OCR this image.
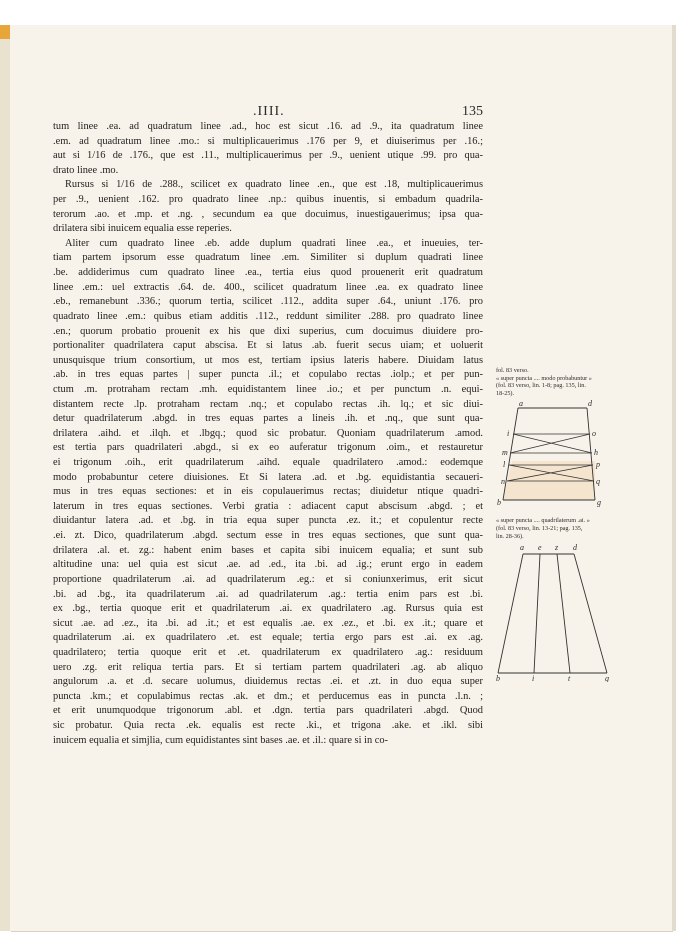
.IIII.	135
tum linee .ea. ad quadratum linee .ad., hoc est sicut .16. ad .9., ita quadratum linee
.em. ad quadratum linee .mo.: si multiplicauerimus .176 per 9, et diuiserimus per .16.;
aut si 1/16 de .176., que est .11., multiplicauerimus per .9., uenient utique .99. pro qua-
drato linee .mo.
Rursus si 1/16 de .288., scilicet ex quadrato linee .en., que est .18, multiplicauerimus
per .9., uenient .162. pro quadrato linee .np.: quibus inuentis, si embadum quadrila-
terorum .ao. et .mp. et .ng. , secundum ea que docuimus, inuestigauerimus; ipsa qua-
drilatera sibi inuicem equalia esse reperies.
Aliter cum quadrato linee .eb. adde duplum quadrati linee .ea., et inueuies, ter-
tiam partem ipsorum esse quadratum linee .em. Similiter si duplum quadrati linee
.be. addiderimus cum quadrato linee .ea., tertia eius quod prouenerit erit quadratum
linee .em.: uel extractis .64. de. 400., scilicet quadratum linee .ea. ex quadrato linee
.eb., remanebunt .336.; quorum tertia, scilicet .112., addita super .64., uniunt .176. pro
quadrato linee .em.: quibus etiam additis .112., reddunt similiter .288. pro quadrato linee
.en.; quorum probatio prouenit ex his que dixi superius, cum docuimus diuidere pro-
portionaliter quadrilatera caput abscisa. Et si latus .ab. fuerit secus uiam; et uoluerit
unusquisque trium consortium, ut mos est, tertiam ipsius lateris habere. Diuidam latus
.ab. in tres equas partes | super puncta .il.; et copulabo rectas .iolp.; et per pun-
ctum .m. protraham rectam .mh. equidistantem linee .io.; et per punctum .n. equi-
distantem recte .lp. protraham rectam .nq.; et copulabo rectas .ih. lq.; et sic diui-
detur quadrilaterum .abgd. in tres equas partes a lineis .ih. et .nq., que sunt qua-
drilatera .aihd. et .ilqh. et .lbgq.; quod sic probatur. Quoniam quadrilaterum .amod.
est tertia pars quadrilateri .abgd., si ex eo auferatur trigonum .oim., et restauretur
ei trigonum .oih., erit quadrilaterum .aihd. equale quadrilatero .amod.: eodemque
modo probabuntur cetere diuisiones. Et Si latera .ad. et .bg. equidistantia secaueri-
mus in tres equas sectiones: et in eis copulauerimus rectas; diuidetur ntique quadri-
laterum in tres equas sectiones. Verbi gratia : adiacent caput abscisum .abgd. ; et
diuidantur latera .ad. et .bg. in tria equa super puncta .ez. it.; et copulentur recte
.ei. zt. Dico, quadrilaterum .abgd. sectum esse in tres equas sectiones, que sunt qua-
drilatera .al. et. zg.: habent enim bases et capita sibi inuicem equalia; et sunt sub
altitudine una: uel quia est sicut .ae. ad .ed., ita .bi. ad .ig.; erunt ergo in eadem
proportione quadrilaterum .ai. ad quadrilaterum .eg.: et si coniunxerimus, erit sicut
.bi. ad .bg., ita quadrilaterum .ai. ad quadrilaterum .ag.: tertia enim pars est .bi.
ex .bg., tertia quoque erit et quadrilaterum .ai. ex quadrilatero .ag. Rursus quia est
sicut .ae. ad .ez., ita .bi. ad .it.; et est equalis .ae. ex .ez., et .bi. ex .it.; quare et
quadrilaterum .ai. ex quadrilatero .et. est equale; tertia ergo pars est .ai. ex .ag.
quadrilatero; tertia quoque erit et .et. quadrilaterum ex quadrilatero .ag.: residuum
uero .zg. erit reliqua tertia pars. Et si tertiam partem quadrilateri .ag. ab aliquo
angulorum .a. et .d. secare uolumus, diuidemus rectas .ei. et .zt. in duo equa super
puncta .km.; et copulabimus rectas .ak. et dm.; et perducemus eas in puncta .l.n. ;
et erit unumquodque trigonorum .abl. et .dgn. tertia pars quadrilateri .abgd. Quod
sic probatur. Quia recta .ek. equalis est recte .ki., et trigona .ake. et .ikl. sibi
inuicem equalia et simjlia, cum equidistantes sint bases .ae. et .il.: quare si in co-
fol. 83 verso.
« super puncta .... modo probabuntur »
(fol. 83 verso, lin. 1-8; pag. 135, lin.
18-25).
a	d
i	o
m	h
l	p
n	q
b	g
« super puncta .... quadrilaterum .ai. »
(fol. 83 verso, lin. 13-21; pag. 135,
lin. 28-36).
a e z d
b	i	t	g
